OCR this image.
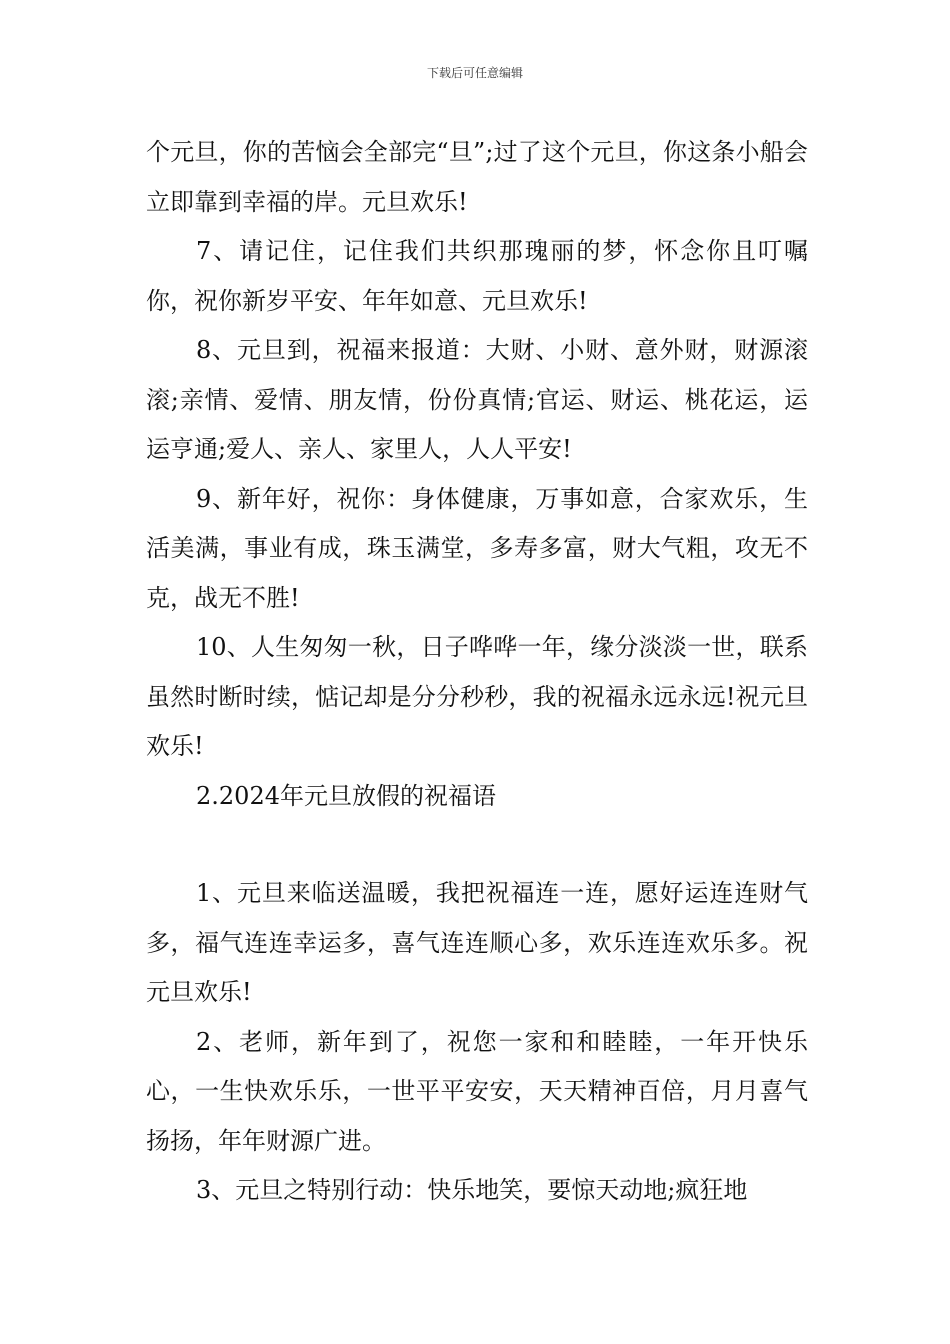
下载后可任意编辑

个元旦，你的苦恼会全部完“旦”;过了这个元旦，你这条小船会立即靠到幸福的岸。元旦欢乐!

7、请记住，记住我们共织那瑰丽的梦，怀念你且叮嘱你，祝你新岁平安、年年如意、元旦欢乐!

8、元旦到，祝福来报道：大财、小财、意外财，财源滚滚;亲情、爱情、朋友情，份份真情;官运、财运、桃花运，运运亨通;爱人、亲人、家里人，人人平安!

9、新年好，祝你：身体健康，万事如意，合家欢乐，生活美满，事业有成，珠玉满堂，多寿多富，财大气粗，攻无不克，战无不胜!

10、人生匆匆一秋，日子哗哗一年，缘分淡淡一世，联系虽然时断时续，惦记却是分分秒秒，我的祝福永远永远!祝元旦欢乐!

2.2024年元旦放假的祝福语

1、元旦来临送温暖，我把祝福连一连，愿好运连连财气多，福气连连幸运多，喜气连连顺心多，欢乐连连欢乐多。祝元旦欢乐!

2、老师，新年到了，祝您一家和和睦睦，一年开快乐心，一生快欢乐乐，一世平平安安，天天精神百倍，月月喜气扬扬，年年财源广进。

3、元旦之特别行动：快乐地笑，要惊天动地;疯狂地
